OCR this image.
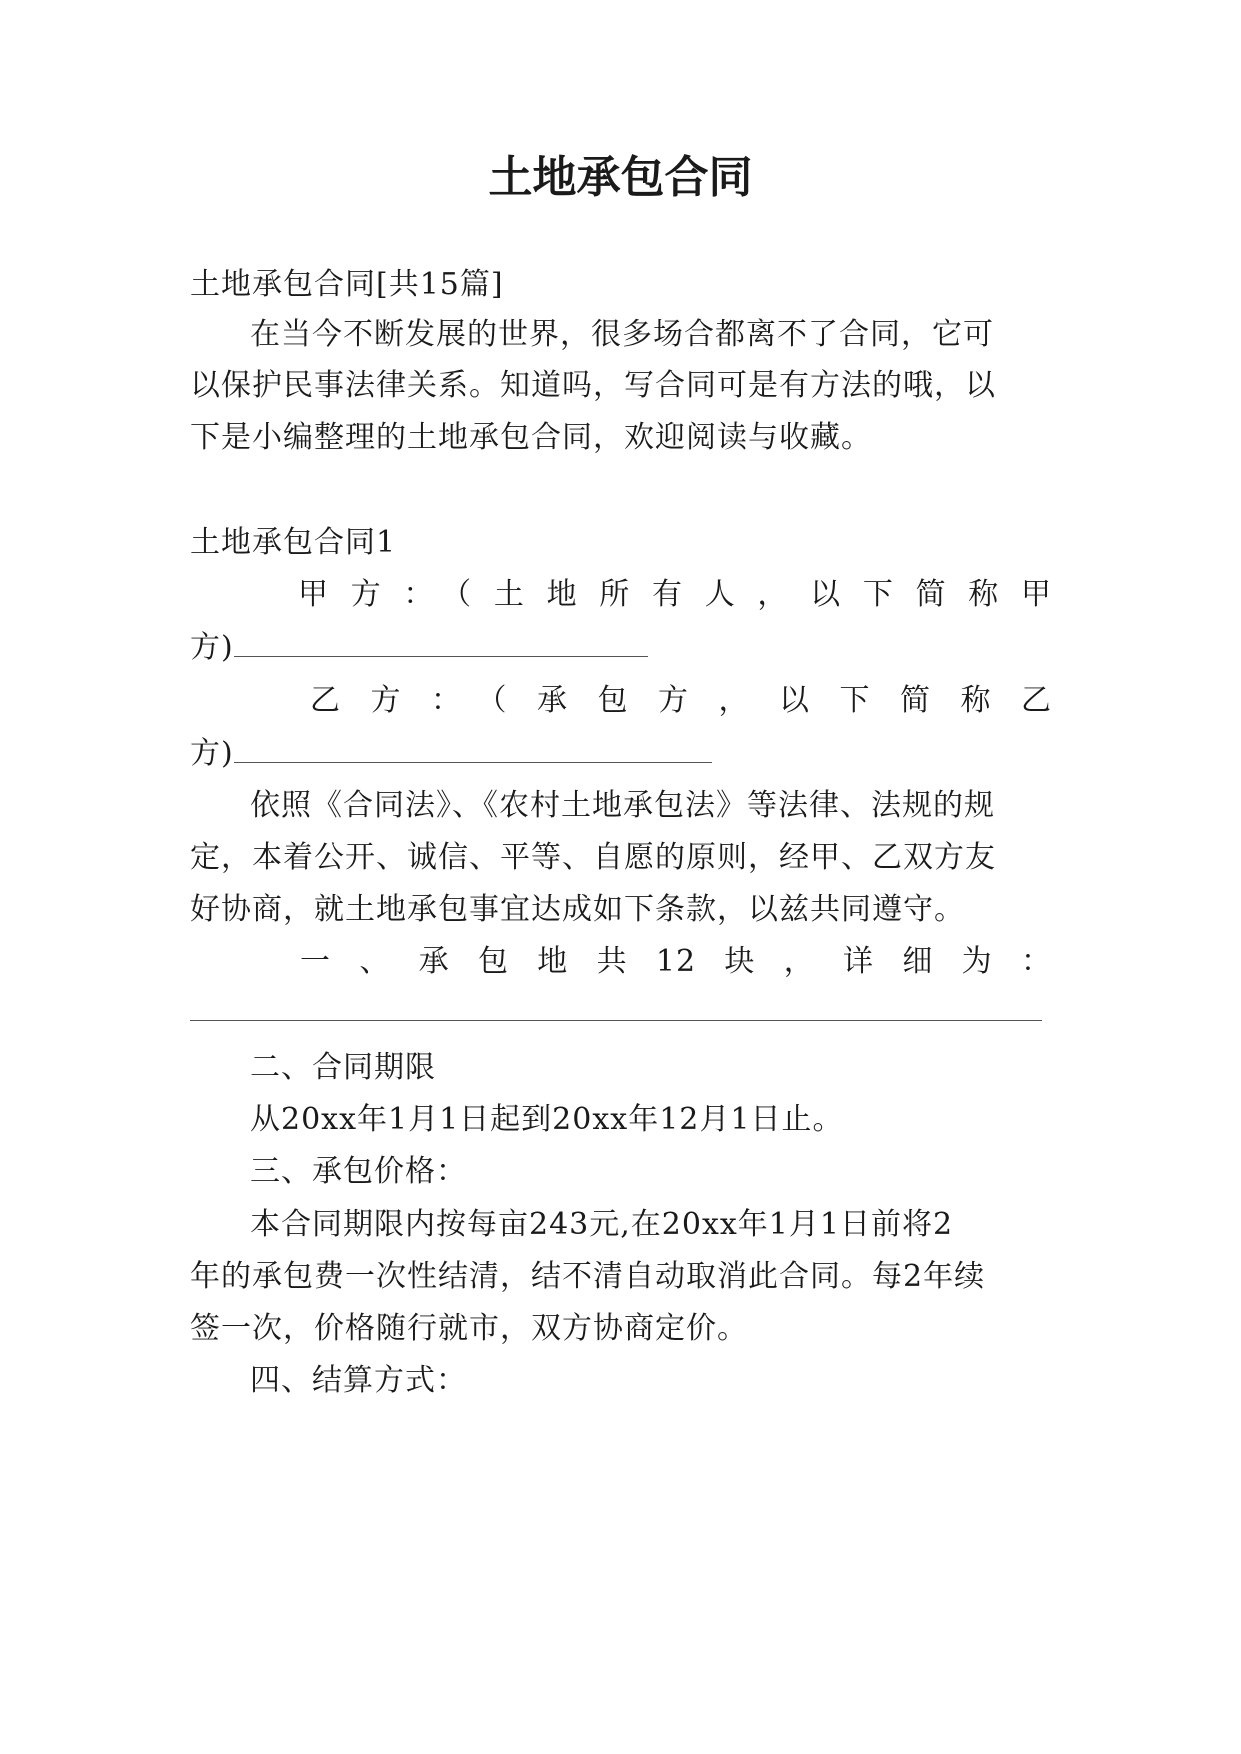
土地承包合同
土地承包合同[共15篇]
在当今不断发展的世界，很多场合都离不了合同，它可
以保护民事法律关系。知道吗，写合同可是有方法的哦，以
下是小编整理的土地承包合同，欢迎阅读与收藏。
土地承包合同1
甲方：（土地所有人，以下简称甲
方)
乙方：（承包方，以下简称乙
方)
依照《合同法》、《农村土地承包法》等法律、法规的规
定，本着公开、诚信、平等、自愿的原则，经甲、乙双方友
好协商，就土地承包事宜达成如下条款，以兹共同遵守。
一、承包地共12块，详细为：
二、合同期限
从20xx年1月1日起到20xx年12月1日止。
三、承包价格：
本合同期限内按每亩243元,在20xx年1月1日前将2
年的承包费一次性结清，结不清自动取消此合同。每2年续
签一次，价格随行就市，双方协商定价。
四、结算方式：
